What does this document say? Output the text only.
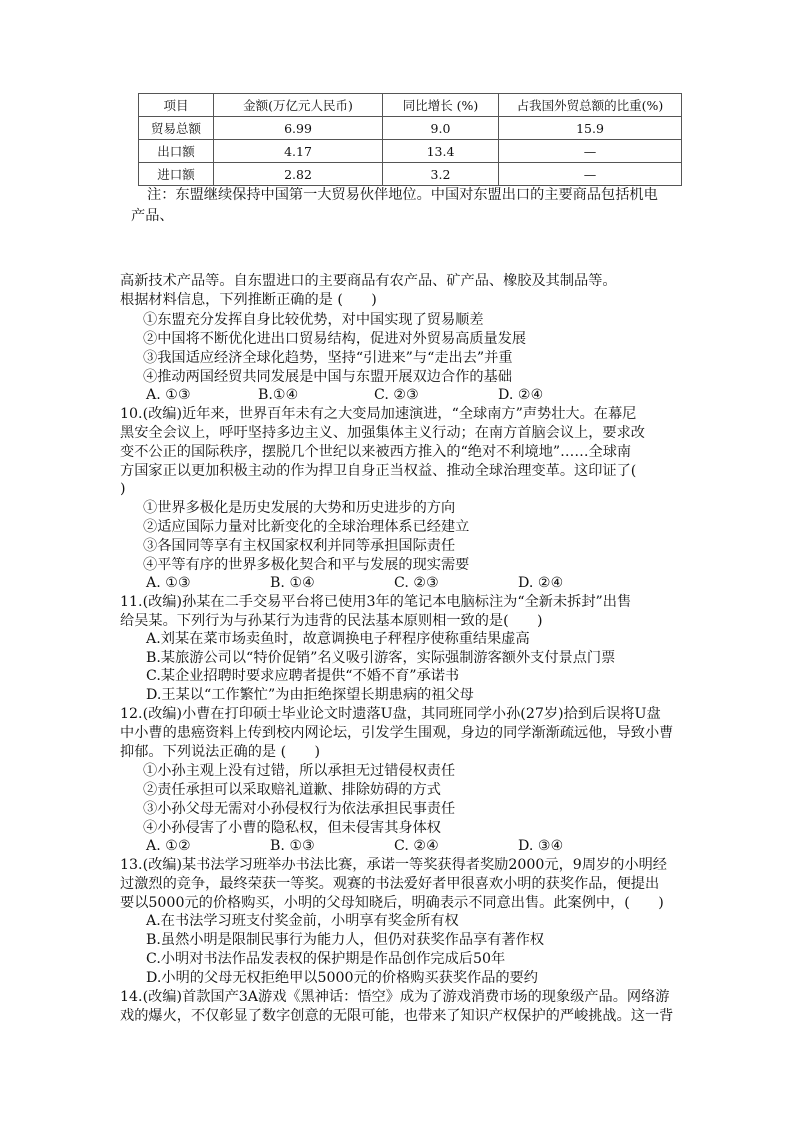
项目	金额(万亿元人民币)	同比增长 (%)	占我国外贸总额的比重(%)
贸易总额	6.99	9.0	15.9
出口额	4.17	13.4	—
进口额	2.82	3.2	—
注：东盟继续保持中国第一大贸易伙伴地位。中国对东盟出口的主要商品包括机电
产品、
高新技术产品等。自东盟进口的主要商品有农产品、矿产品、橡胶及其制品等。
根据材料信息，下列推断正确的是 (　　)
①东盟充分发挥自身比较优势，对中国实现了贸易顺差
②中国将不断优化进出口贸易结构，促进对外贸易高质量发展
③我国适应经济全球化趋势，坚持“引进来”与“走出去”并重
④推动两国经贸共同发展是中国与东盟开展双边合作的基础
A. ①③	B.①④	C. ②③	D. ②④
10.(改编)近年来，世界百年未有之大变局加速演进，“全球南方”声势壮大。在幕尼
黑安全会议上，呼吁坚持多边主义、加强集体主义行动；在南方首脑会议上，要求改
变不公正的国际秩序，摆脱几个世纪以来被西方推入的“绝对不利境地”……全球南
方国家正以更加积极主动的作为捍卫自身正当权益、推动全球治理变革。这印证了(
)
①世界多极化是历史发展的大势和历史进步的方向
②适应国际力量对比新变化的全球治理体系已经建立
③各国同等享有主权国家权利并同等承担国际责任
④平等有序的世界多极化契合和平与发展的现实需要
A. ①③	B. ①④	C. ②③	D. ②④
11.(改编)孙某在二手交易平台将已使用3年的笔记本电脑标注为“全新未拆封”出售
给吴某。下列行为与孙某行为违背的民法基本原则相一致的是(　　)
A.刘某在菜市场卖鱼时，故意调换电子秤程序使称重结果虚高
B.某旅游公司以“特价促销”名义吸引游客，实际强制游客额外支付景点门票
C.某企业招聘时要求应聘者提供“不婚不育”承诺书
D.王某以“工作繁忙”为由拒绝探望长期患病的祖父母
12.(改编)小曹在打印硕士毕业论文时遗落U盘，其同班同学小孙(27岁)拾到后误将U盘
中小曹的患癌资料上传到校内网论坛，引发学生围观，身边的同学渐渐疏远他，导致小曹
抑郁。下列说法正确的是 (　　)
①小孙主观上没有过错，所以承担无过错侵权责任
②责任承担可以采取赔礼道歉、排除妨碍的方式
③小孙父母无需对小孙侵权行为依法承担民事责任
④小孙侵害了小曹的隐私权，但未侵害其身体权
A. ①②	B. ①③	C. ②④	D. ③④
13.(改编)某书法学习班举办书法比赛，承诺一等奖获得者奖励2000元，9周岁的小明经
过激烈的竞争，最终荣获一等奖。观赛的书法爱好者甲很喜欢小明的获奖作品，便提出
要以5000元的价格购买，小明的父母知晓后，明确表示不同意出售。此案例中，(　　)
A.在书法学习班支付奖金前，小明享有奖金所有权
B.虽然小明是限制民事行为能力人，但仍对获奖作品享有著作权
C.小明对书法作品发表权的保护期是作品创作完成后50年
D.小明的父母无权拒绝甲以5000元的价格购买获奖作品的要约
14.(改编)首款国产3A游戏《黑神话：悟空》成为了游戏消费市场的现象级产品。网络游
戏的爆火，不仅彰显了数字创意的无限可能，也带来了知识产权保护的严峻挑战。这一背
